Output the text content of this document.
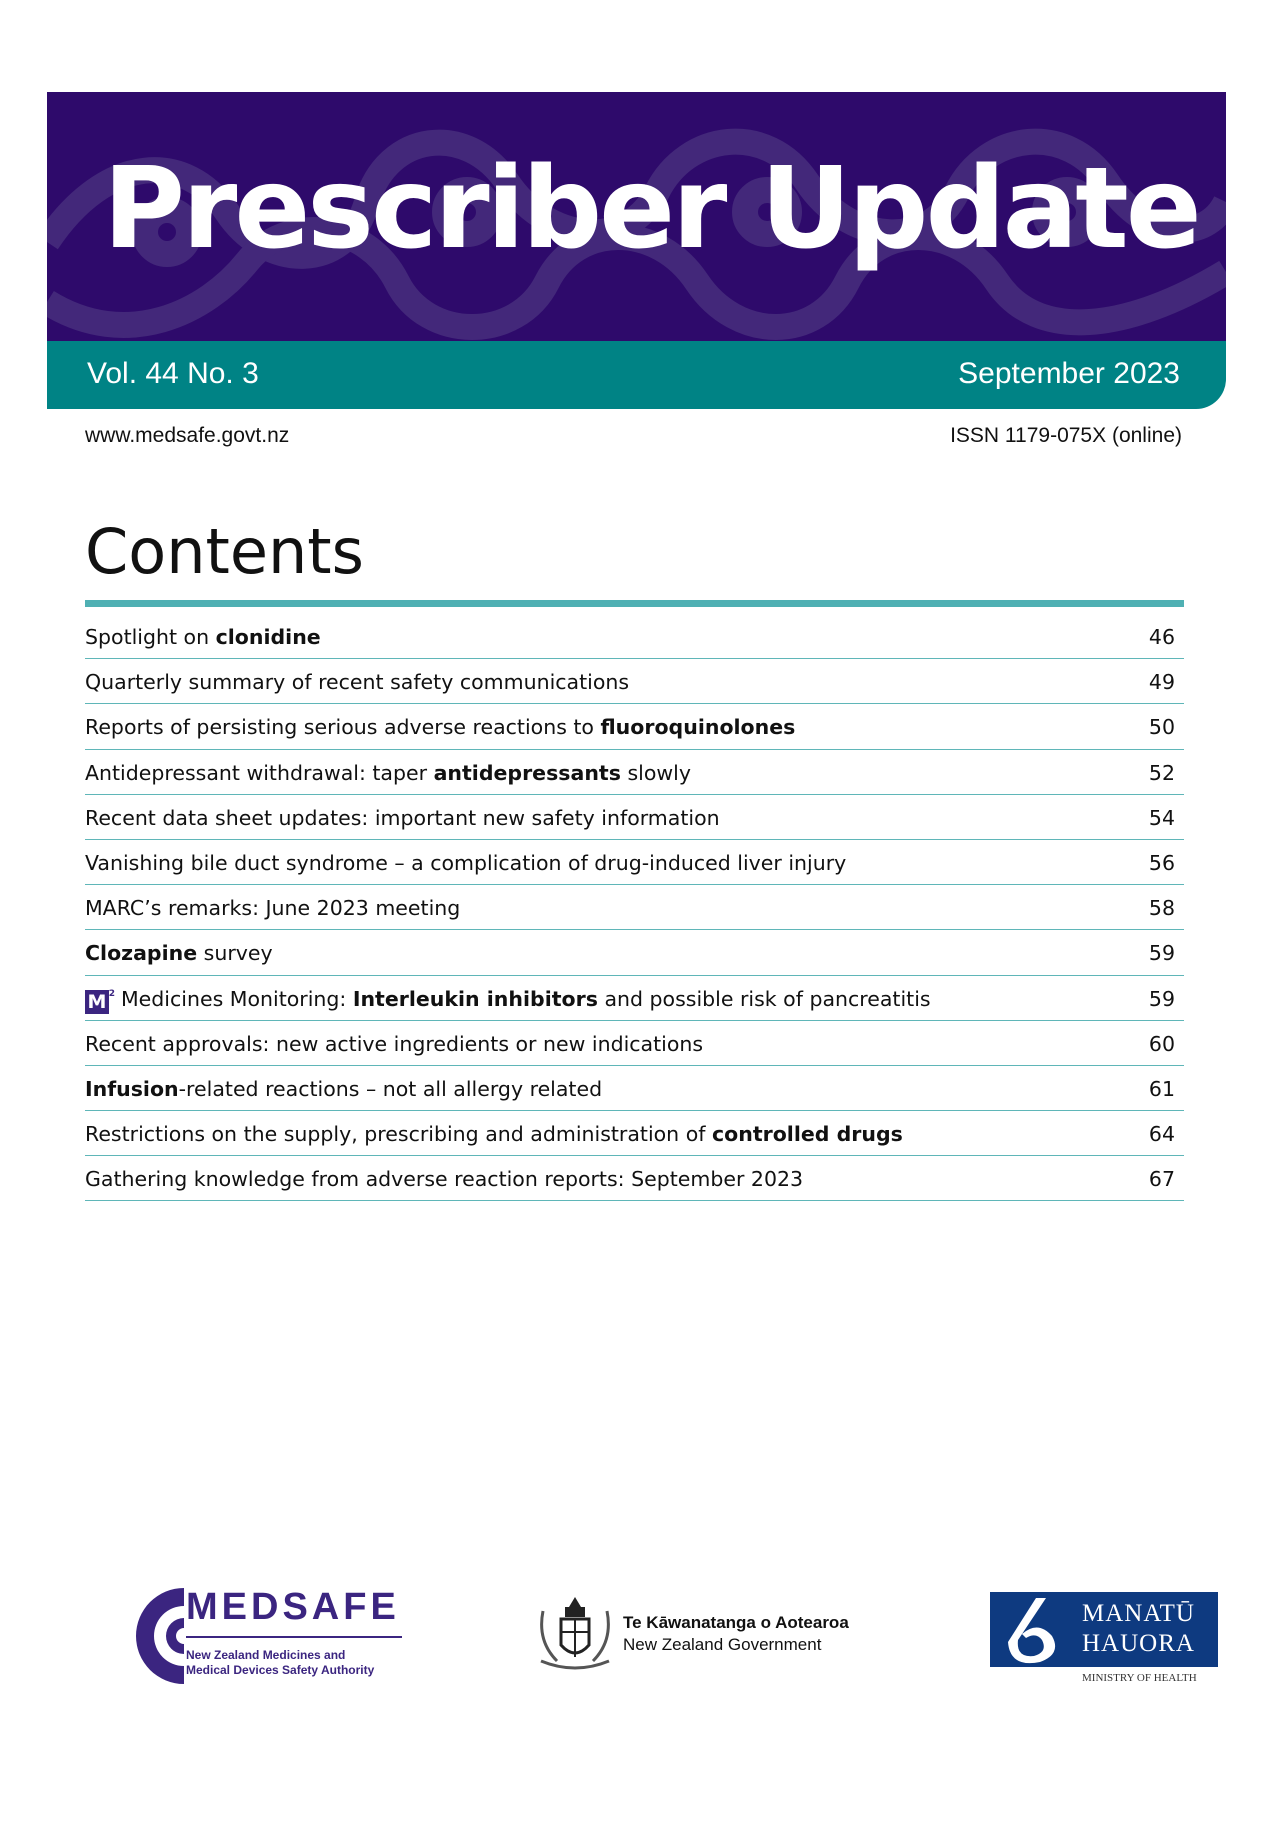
Prescriber Update
Vol. 44 No. 3	September 2023
www.medsafe.govt.nz	ISSN 1179-075X (online)
Contents
Spotlight on clonidine	46
Quarterly summary of recent safety communications	49
Reports of persisting serious adverse reactions to fluoroquinolones	50
Antidepressant withdrawal: taper antidepressants slowly	52
Recent data sheet updates: important new safety information	54
Vanishing bile duct syndrome – a complication of drug-induced liver injury	56
MARC’s remarks: June 2023 meeting	58
Clozapine survey	59
M 2 Medicines Monitoring: Interleukin inhibitors and possible risk of pancreatitis	59
Recent approvals: new active ingredients or new indications	60
Infusion-related reactions – not all allergy related	61
Restrictions on the supply, prescribing and administration of controlled drugs	64
Gathering knowledge from adverse reaction reports: September 2023	67
MEDSAFE
New Zealand Medicines and
Medical Devices Safety Authority
Te Kāwanatanga o Aotearoa
New Zealand Government
MANATŪ
HAUORA
MINISTRY OF HEALTH
